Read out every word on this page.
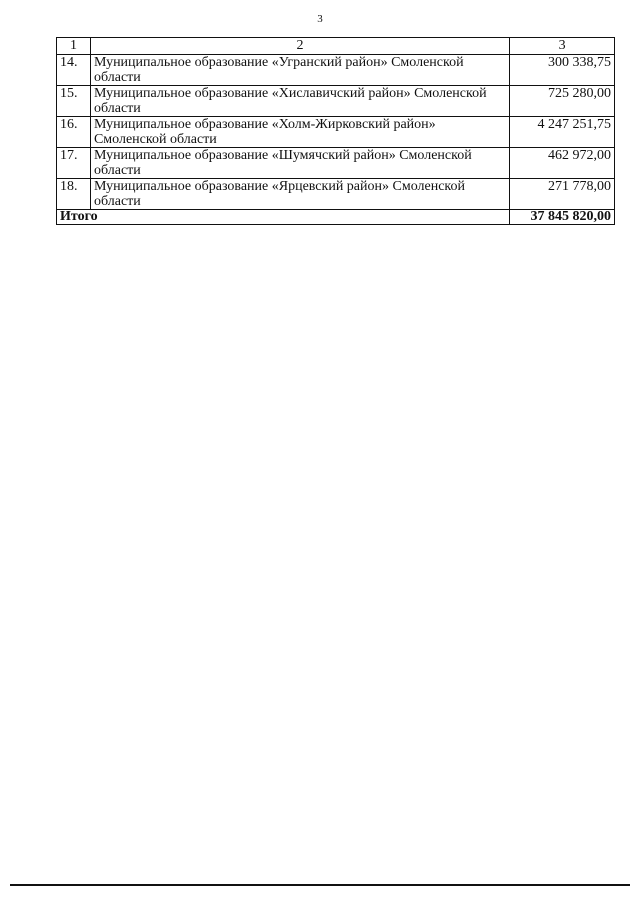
3
1	2	3
14.	Муниципальное образование «Угранский район» Смоленской области	300 338,75
15.	Муниципальное образование «Хиславичский район» Смоленской области	725 280,00
16.	Муниципальное образование «Холм-Жирковский район» Смоленской области	4 247 251,75
17.	Муниципальное образование «Шумячский район» Смоленской области	462 972,00
18.	Муниципальное образование «Ярцевский район» Смоленской области	271 778,00
Итого		37 845 820,00
